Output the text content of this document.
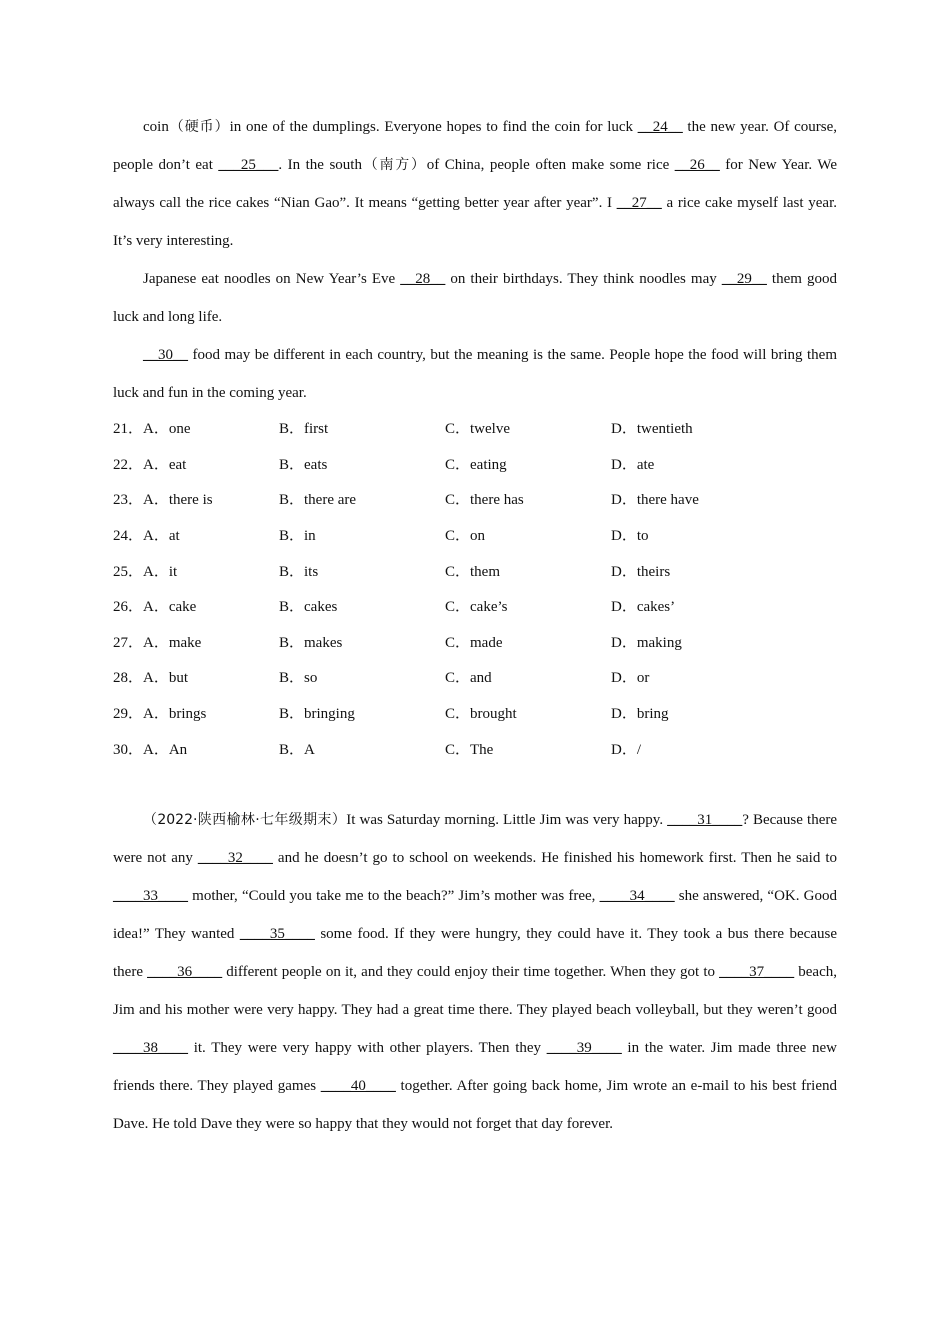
coin（硬币）in one of the dumplings. Everyone hopes to find the coin for luck __24__ the new year. Of course, people don’t eat ___25___. In the south（南方）of China, people often make some rice __26__ for New Year. We always call the rice cakes “Nian Gao”. It means “getting better year after year”. I __27__ a rice cake myself last year. It’s very interesting.

Japanese eat noodles on New Year’s Eve __28__ on their birthdays. They think noodles may __29__ them good luck and long life.

__30__ food may be different in each country, but the meaning is the same. People hope the food will bring them luck and fun in the coming year.

21．A．one	B．first	C．twelve	D．twentieth
22．A．eat	B．eats	C．eating	D．ate
23．A．there is	B．there are	C．there has	D．there have
24．A．at	B．in	C．on	D．to
25．A．it	B．its	C．them	D．theirs
26．A．cake	B．cakes	C．cake’s	D．cakes’
27．A．make	B．makes	C．made	D．making
28．A．but	B．so	C．and	D．or
29．A．brings	B．bringing	C．brought	D．bring
30．A．An	B．A	C．The	D．/

（2022·陕西榆林·七年级期末）It was Saturday morning. Little Jim was very happy. ____31____? Because there were not any ____32____ and he doesn’t go to school on weekends. He finished his homework first. Then he said to ____33____ mother, “Could you take me to the beach?” Jim’s mother was free, ____34____ she answered, “OK. Good idea!” They wanted ____35____ some food. If they were hungry, they could have it. They took a bus there because there ____36____ different people on it, and they could enjoy their time together. When they got to ____37____ beach, Jim and his mother were very happy. They had a great time there. They played beach volleyball, but they weren’t good ____38____ it. They were very happy with other players. Then they ____39____ in the water. Jim made three new friends there. They played games ____40____ together. After going back home, Jim wrote an e-mail to his best friend Dave. He told Dave they were so happy that they would not forget that day forever.
